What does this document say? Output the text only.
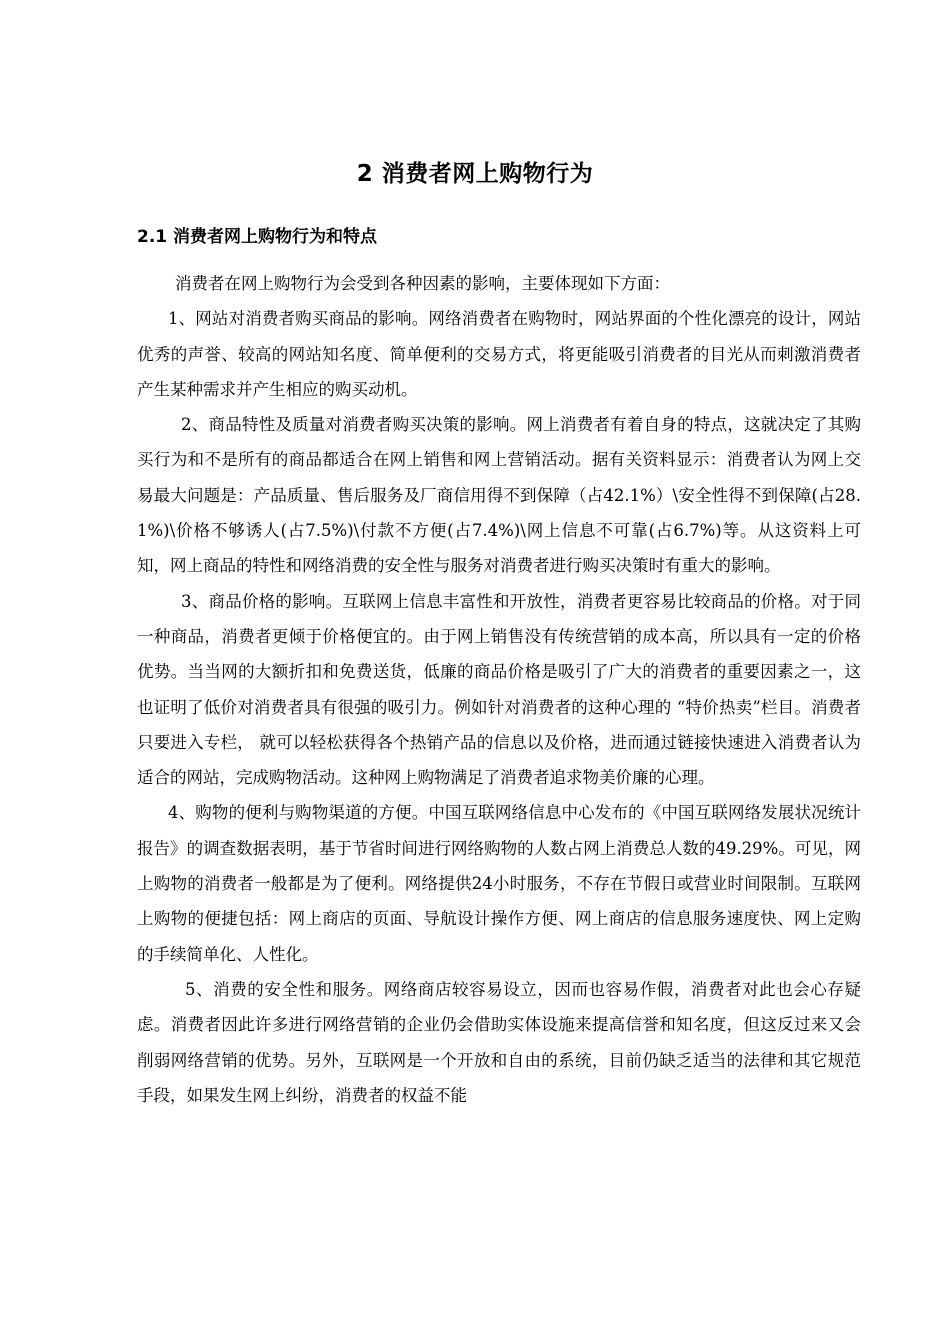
2 消费者网上购物行为
2.1 消费者网上购物行为和特点

消费者在网上购物行为会受到各种因素的影响，主要体现如下方面：

1、网站对消费者购买商品的影响。网络消费者在购物时，网站界面的个性化漂亮的设计，网站优秀的声誉、较高的网站知名度、简单便利的交易方式，将更能吸引消费者的目光从而刺激消费者产生某种需求并产生相应的购买动机。

2、商品特性及质量对消费者购买决策的影响。网上消费者有着自身的特点，这就决定了其购买行为和不是所有的商品都适合在网上销售和网上营销活动。据有关资料显示：消费者认为网上交易最大问题是：产品质量、售后服务及厂商信用得不到保障（占42.1%）\安全性得不到保障(占28.1%)\价格不够诱人(占7.5%)\付款不方便(占7.4%)\网上信息不可靠(占6.7%)等。从这资料上可知，网上商品的特性和网络消费的安全性与服务对消费者进行购买决策时有重大的影响。

3、商品价格的影响。互联网上信息丰富性和开放性，消费者更容易比较商品的价格。对于同一种商品，消费者更倾于价格便宜的。由于网上销售没有传统营销的成本高，所以具有一定的价格优势。当当网的大额折扣和免费送货，低廉的商品价格是吸引了广大的消费者的重要因素之一，这也证明了低价对消费者具有很强的吸引力。例如针对消费者的这种心理的 “特价热卖”栏目。消费者只要进入专栏， 就可以轻松获得各个热销产品的信息以及价格，进而通过链接快速进入消费者认为适合的网站，完成购物活动。这种网上购物满足了消费者追求物美价廉的心理。

4、购物的便利与购物渠道的方便。中国互联网络信息中心发布的《中国互联网络发展状况统计报告》的调查数据表明，基于节省时间进行网络购物的人数占网上消费总人数的49.29%。可见，网上购物的消费者一般都是为了便利。网络提供24小时服务，不存在节假日或营业时间限制。互联网上购物的便捷包括：网上商店的页面、导航设计操作方便、网上商店的信息服务速度快、网上定购的手续简单化、人性化。

5、消费的安全性和服务。网络商店较容易设立，因而也容易作假，消费者对此也会心存疑虑。消费者因此许多进行网络营销的企业仍会借助实体设施来提高信誉和知名度，但这反过来又会削弱网络营销的优势。另外，互联网是一个开放和自由的系统，目前仍缺乏适当的法律和其它规范手段，如果发生网上纠纷，消费者的权益不能
